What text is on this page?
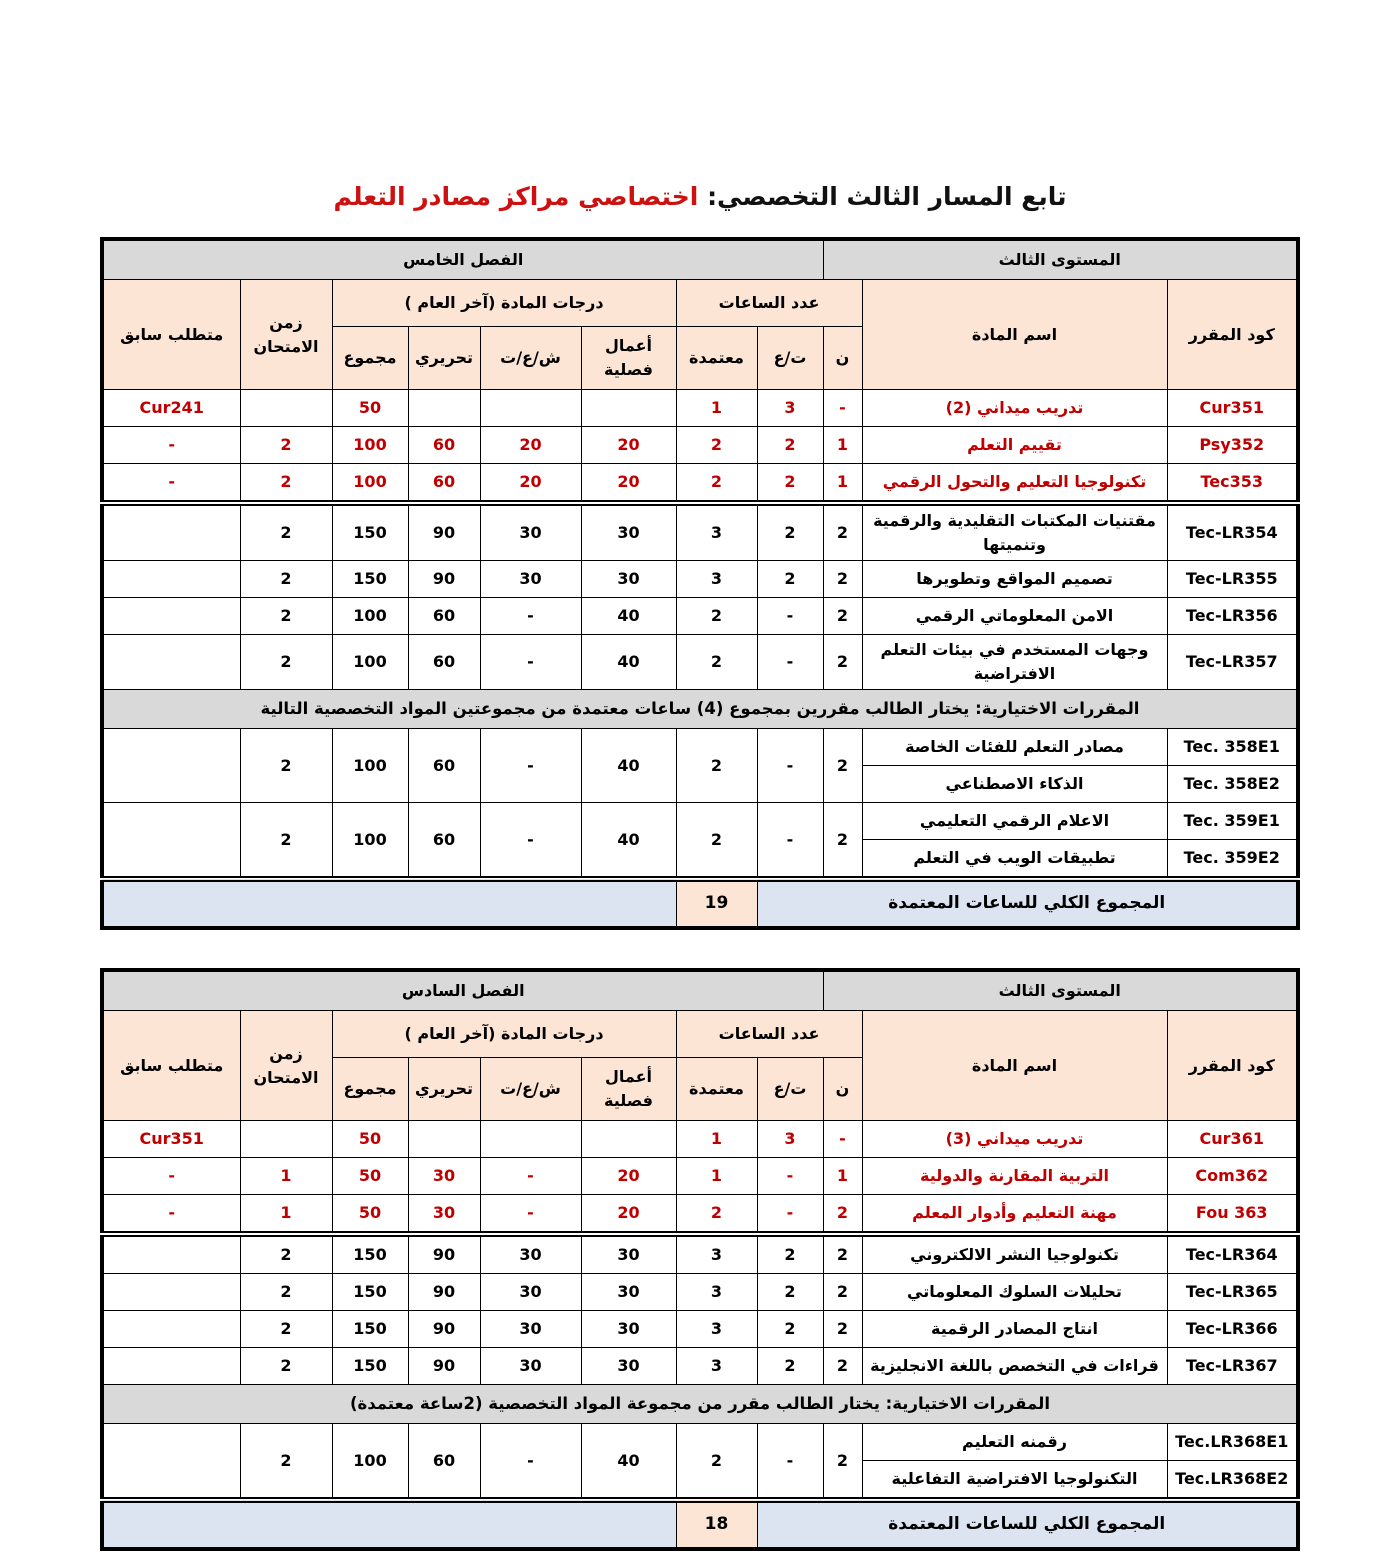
تابع المسار الثالث التخصصي: اختصاصي مراكز مصادر التعلم
المستوى الثالث			الفصل الخامس							
كود المقرر	اسم المادة	عدد الساعات			درجات المادة (آخر العام )				زمن الامتحان	متطلب سابق
		ن	ت/ع	معتمدة	أعمال فصلية	ش/ع/ت	تحريري	مجموع		
Cur351	تدريب ميداني (2)	-	3	1				50		Cur241
Psy352	تقييم التعلم	1	2	2	20	20	60	100	2	-
Tec353	تكنولوجيا التعليم والتحول الرقمي	1	2	2	20	20	60	100	2	-
Tec-LR354	مقتنيات المكتبات التقليدية والرقمية وتنميتها	2	2	3	30	30	90	150	2	
Tec-LR355	تصميم المواقع وتطويرها	2	2	3	30	30	90	150	2	
Tec-LR356	الامن المعلوماتي الرقمي	2	-	2	40	-	60	100	2	
Tec-LR357	وجهات المستخدم في بيئات التعلم الافتراضية	2	-	2	40	-	60	100	2	
المقررات الاختيارية: يختار الطالب مقررين بمجموع (4) ساعات معتمدة من مجموعتين المواد التخصصية التالية										
Tec. 358E1	مصادر التعلم للفئات الخاصة	2	-	2	40	-	60	100	2	
Tec. 358E2	الذكاء الاصطناعي									
Tec. 359E1	الاعلام الرقمي التعليمي	2	-	2	40	-	60	100	2	
Tec. 359E2	تطبيقات الويب في التعلم									
المجموع الكلي للساعات المعتمدة				19						
المستوى الثالث			الفصل السادس							
كود المقرر	اسم المادة	عدد الساعات			درجات المادة (آخر العام )				زمن الامتحان	متطلب سابق
		ن	ت/ع	معتمدة	أعمال فصلية	ش/ع/ت	تحريري	مجموع		
Cur361	تدريب ميداني (3)	-	3	1				50		Cur351
Com362	التربية المقارنة والدولية	1	-	1	20	-	30	50	1	-
Fou 363	مهنة التعليم وأدوار المعلم	2	-	2	20	-	30	50	1	-
Tec-LR364	تكنولوجيا النشر الالكتروني	2	2	3	30	30	90	150	2	
Tec-LR365	تحليلات السلوك المعلوماتي	2	2	3	30	30	90	150	2	
Tec-LR366	انتاج المصادر الرقمية	2	2	3	30	30	90	150	2	
Tec-LR367	قراءات في التخصص باللغة الانجليزية	2	2	3	30	30	90	150	2	
المقررات الاختيارية: يختار الطالب مقرر من مجموعة المواد التخصصية (2ساعة معتمدة)										
Tec.LR368E1	رقمنه التعليم	2	-	2	40	-	60	100	2	
Tec.LR368E2	التكنولوجيا الافتراضية التفاعلية									
المجموع الكلي للساعات المعتمدة				18						
